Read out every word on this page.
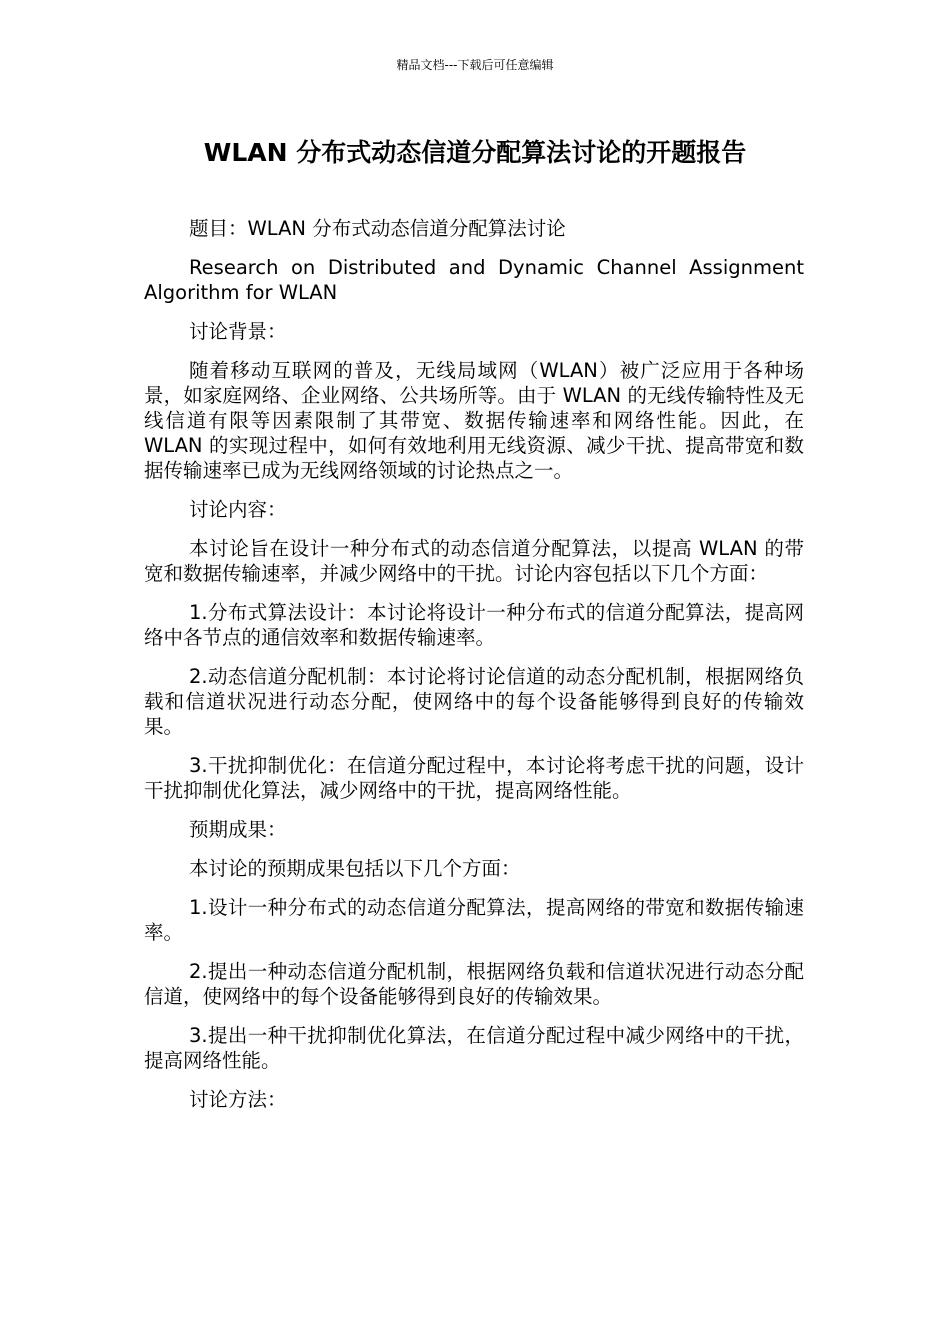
精品文档---下载后可任意编辑
WLAN 分布式动态信道分配算法讨论的开题报告

题目：WLAN 分布式动态信道分配算法讨论

Research on Distributed and Dynamic Channel Assignment Algorithm for WLAN

讨论背景：

随着移动互联网的普及，无线局域网（WLAN）被广泛应用于各种场景，如家庭网络、企业网络、公共场所等。由于 WLAN 的无线传输特性及无线信道有限等因素限制了其带宽、数据传输速率和网络性能。因此，在 WLAN 的实现过程中，如何有效地利用无线资源、减少干扰、提高带宽和数据传输速率已成为无线网络领域的讨论热点之一。

讨论内容：

本讨论旨在设计一种分布式的动态信道分配算法，以提高 WLAN 的带宽和数据传输速率，并减少网络中的干扰。讨论内容包括以下几个方面：

1.分布式算法设计：本讨论将设计一种分布式的信道分配算法，提高网络中各节点的通信效率和数据传输速率。

2.动态信道分配机制：本讨论将讨论信道的动态分配机制，根据网络负载和信道状况进行动态分配，使网络中的每个设备能够得到良好的传输效果。

3.干扰抑制优化：在信道分配过程中，本讨论将考虑干扰的问题，设计干扰抑制优化算法，减少网络中的干扰，提高网络性能。

预期成果：

本讨论的预期成果包括以下几个方面：

1.设计一种分布式的动态信道分配算法，提高网络的带宽和数据传输速率。

2.提出一种动态信道分配机制，根据网络负载和信道状况进行动态分配信道，使网络中的每个设备能够得到良好的传输效果。

3.提出一种干扰抑制优化算法，在信道分配过程中减少网络中的干扰，提高网络性能。

讨论方法：
